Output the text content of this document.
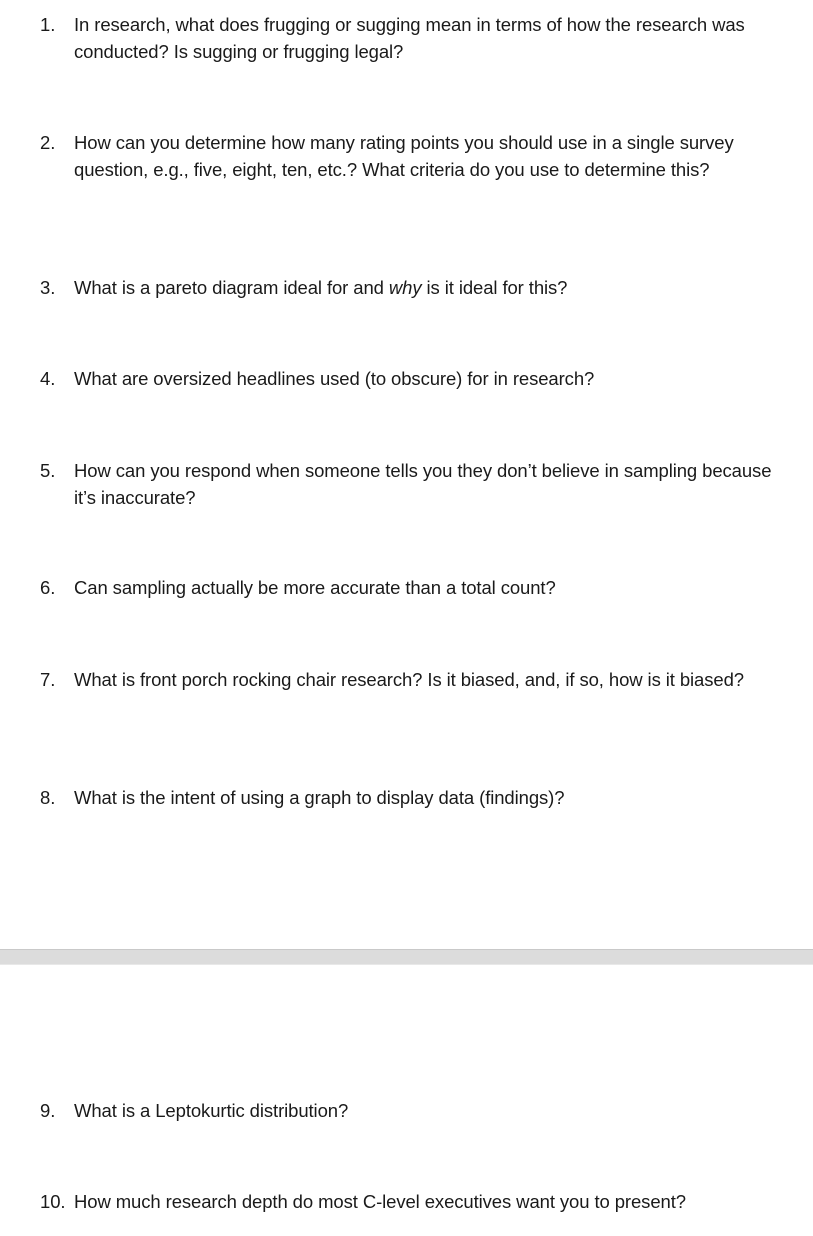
1. In research, what does frugging or sugging mean in terms of how the research was conducted? Is sugging or frugging legal?
2. How can you determine how many rating points you should use in a single survey question, e.g., five, eight, ten, etc.? What criteria do you use to determine this?
3. What is a pareto diagram ideal for and why is it ideal for this?
4. What are oversized headlines used (to obscure) for in research?
5. How can you respond when someone tells you they don’t believe in sampling because it’s inaccurate?
6. Can sampling actually be more accurate than a total count?
7. What is front porch rocking chair research? Is it biased, and, if so, how is it biased?
8. What is the intent of using a graph to display data (findings)?
9. What is a Leptokurtic distribution?
10. How much research depth do most C-level executives want you to present?
